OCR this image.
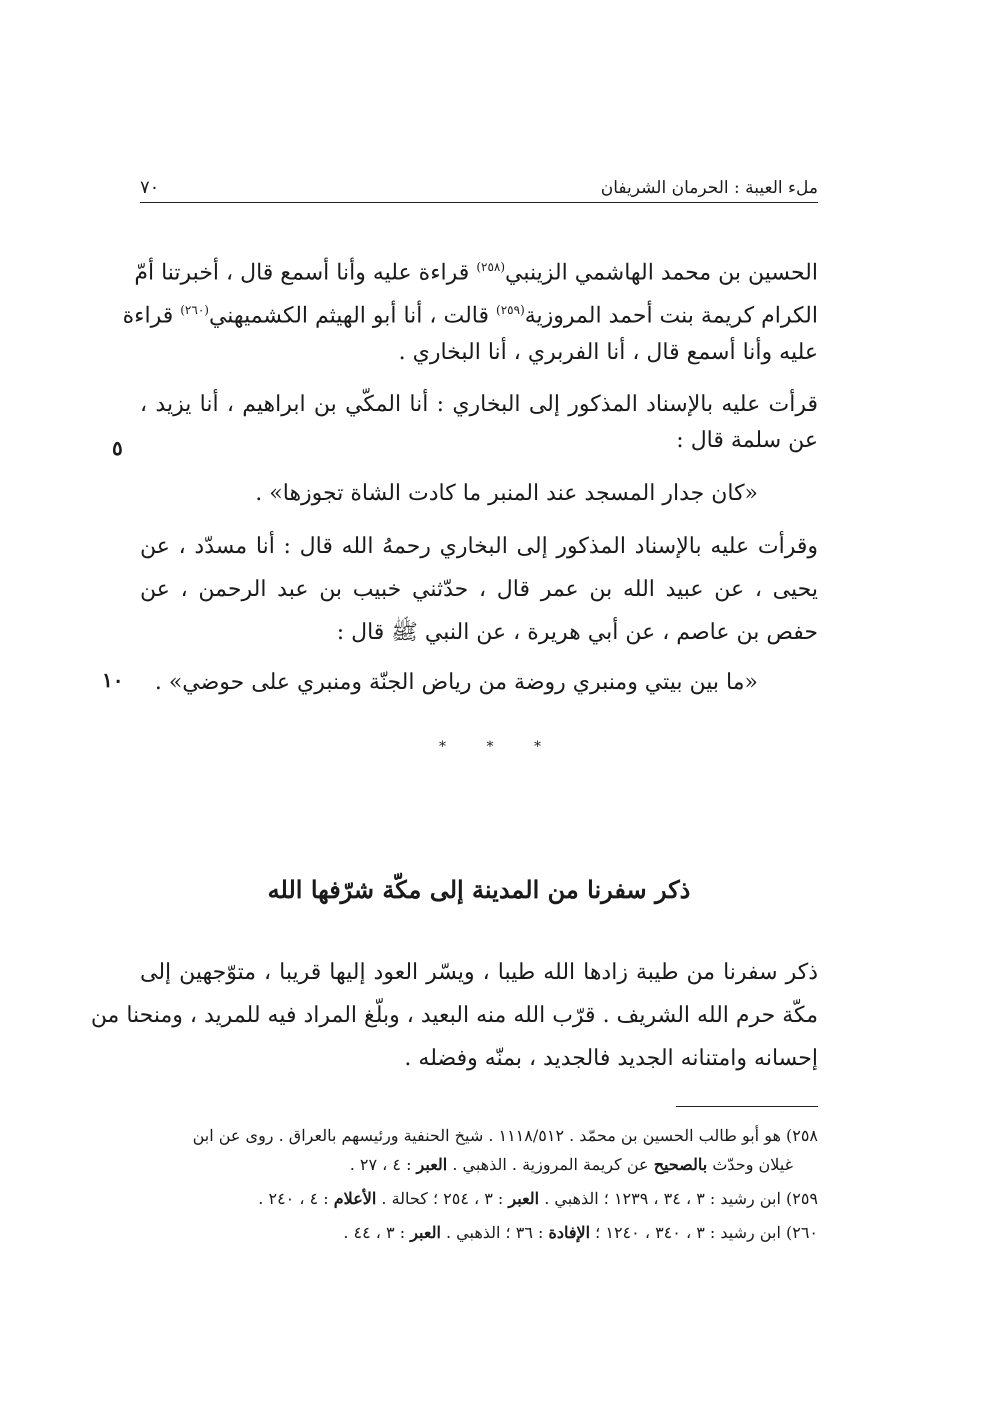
ملء العيبة : الحرمان الشريفان
٧٠
الحسين بن محمد الهاشمي الزينبي$^{(٢٥٨)}$ قراءة عليه وأنا أسمع قال ، أخبرتنا أمّ
الكرام كريمة بنت أحمد المروزية$^{(٢٥٩)}$ قالت ، أنا أبو الهيثم الكشميهني$^{(٢٦٠)}$ قراءة
عليه وأنا أسمع قال ، أنا الفربري ، أنا البخاري .
قرأت عليه بالإسناد المذكور إلى البخاري : أنا المكّي بن ابراهيم ، أنا يزيد ،
عن سلمة قال :
٥
«كان جدار المسجد عند المنبر ما كادت الشاة تجوزها» .
وقرأت عليه بالإسناد المذكور إلى البخاري رحمهُ الله قال : أنا مسدّد ، عن
يحيى ، عن عبيد الله بن عمر قال ، حدّثني خبيب بن عبد الرحمن ، عن
حفص بن عاصم ، عن أبي هريرة ، عن النبي ﷺ قال :
«ما بين بيتي ومنبري روضة من رياض الجنّة ومنبري على حوضي» .
١٠
* * *
ذكر سفرنا من المدينة إلى مكّة شرّفها الله
ذكر سفرنا من طيبة زادها الله طيبا ، ويسّر العود إليها قريبا ، متوّجهين إلى
مكّة حرم الله الشريف . قرّب الله منه البعيد ، وبلّغ المراد فيه للمريد ، ومنحنا من
إحسانه وامتنانه الجديد فالجديد ، بمنّه وفضله .
٢٥٨) هو أبو طالب الحسين بن محمّد . ١١١٨/٥١٢ . شيخ الحنفية ورئيسهم بالعراق . روى عن ابن
غيلان وحدّث بالصحيح عن كريمة المروزية . الذهبي . العبر : ٤ ، ٢٧ .
٢٥٩) ابن رشيد : ٣ ، ٣٤ ، ١٢٣٩ ؛ الذهبي . العبر : ٣ ، ٢٥٤ ؛ كحالة . الأعلام : ٤ ، ٢٤٠ .
٢٦٠) ابن رشيد : ٣ ، ٣٤٠ ، ١٢٤٠ ؛ الإفادة : ٣٦ ؛ الذهبي . العبر : ٣ ، ٤٤ .
